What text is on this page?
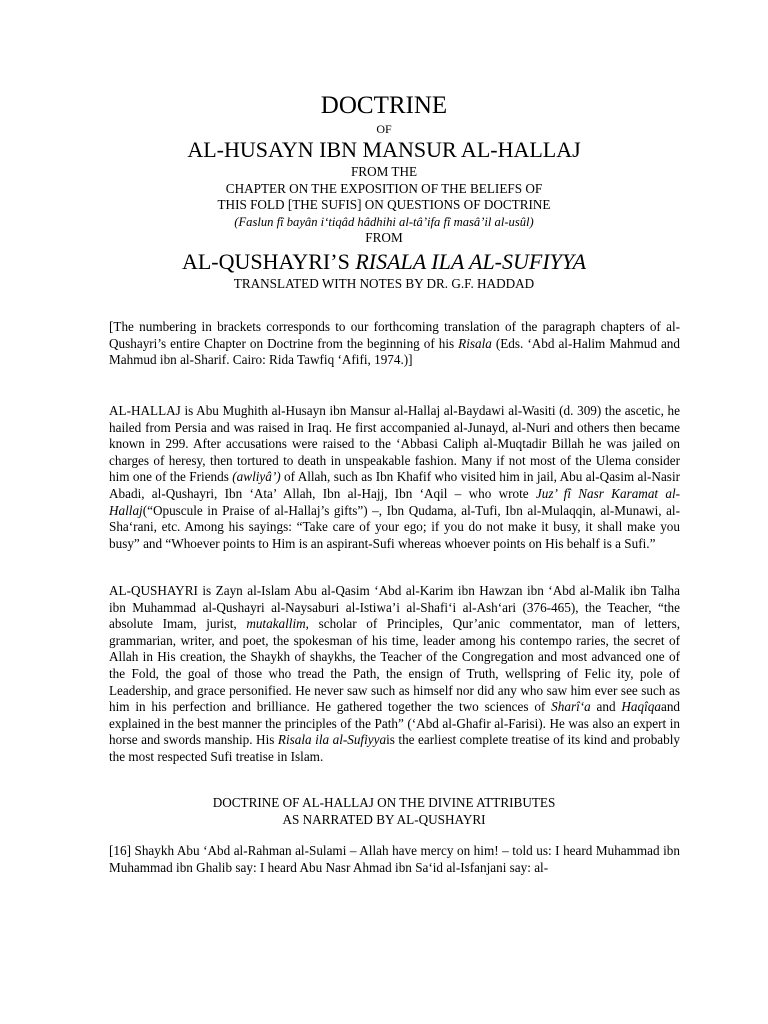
DOCTRINE

OF

AL-HUSAYN IBN MANSUR AL-HALLAJ

FROM THE
CHAPTER ON THE EXPOSITION OF THE BELIEFS OF
THIS FOLD [THE SUFIS] ON QUESTIONS OF DOCTRINE
(Faslun fî bayân i‘tiqâd hâdhihi al-tâ’ifa fî masâ’il al-usûl)
FROM

AL-QUSHAYRI’S RISALA ILA AL-SUFIYYA

TRANSLATED WITH NOTES BY DR. G.F. HADDAD

[The numbering in brackets corresponds to our forthcoming translation of the paragraph chapters of al-Qushayri’s entire Chapter on Doctrine from the beginning of his Risala (Eds. ‘Abd al-Halim Mahmud and Mahmud ibn al-Sharif. Cairo: Rida Tawfiq ‘Afifi, 1974.)]

AL-HALLAJ is Abu Mughith al-Husayn ibn Mansur al-Hallaj al-Baydawi al-Wasiti (d. 309) the ascetic, he hailed from Persia and was raised in Iraq. He first accompanied al-Junayd, al-Nuri and others then became known in 299. After accusations were raised to the ‘Abbasi Caliph al-Muqtadir Billah he was jailed on charges of heresy, then tortured to death in unspeakable fashion. Many if not most of the Ulema consider him one of the Friends (awliyâ’) of Allah, such as Ibn Khafif who visited him in jail, Abu al-Qasim al-Nasir Abadi, al-Qushayri, Ibn ‘Ata’ Allah, Ibn al-Hajj, Ibn ‘Aqil – who wrote Juz’ fî Nasr Karamat al-Hallaj(“Opuscule in Praise of al-Hallaj’s gifts”) –, Ibn Qudama, al-Tufi, Ibn al-Mulaqqin, al-Munawi, al-Sha‘rani, etc. Among his sayings: “Take care of your ego; if you do not make it busy, it shall make you busy” and “Whoever points to Him is an aspirant-Sufi whereas whoever points on His behalf is a Sufi.”

AL-QUSHAYRI is Zayn al-Islam Abu al-Qasim ‘Abd al-Karim ibn Hawzan ibn ‘Abd al-Malik ibn Talha ibn Muhammad al-Qushayri al-Naysaburi al-Istiwa’i al-Shafi‘i al-Ash‘ari (376-465), the Teacher, “the absolute Imam, jurist, mutakallim, scholar of Principles, Qur’anic commentator, man of letters, grammarian, writer, and poet, the spokesman of his time, leader among his contempo raries, the secret of Allah in His creation, the Shaykh of shaykhs, the Teacher of the Congregation and most advanced one of the Fold, the goal of those who tread the Path, the ensign of Truth, wellspring of Felic ity, pole of Leadership, and grace personified. He never saw such as himself nor did any who saw him ever see such as him in his perfection and brilliance. He gathered together the two sciences of Sharî‘a and Haqîqaand explained in the best manner the principles of the Path” (‘Abd al-Ghafir al-Farisi). He was also an expert in horse and swords manship. His Risala ila al-Sufiyyais the earliest complete treatise of its kind and probably the most respected Sufi treatise in Islam.

DOCTRINE OF AL-HALLAJ ON THE DIVINE ATTRIBUTES
AS NARRATED BY AL-QUSHAYRI

[16] Shaykh Abu ‘Abd al-Rahman al-Sulami – Allah have mercy on him! – told us: I heard Muhammad ibn Muhammad ibn Ghalib say: I heard Abu Nasr Ahmad ibn Sa‘id al-Isfanjani say: al-
